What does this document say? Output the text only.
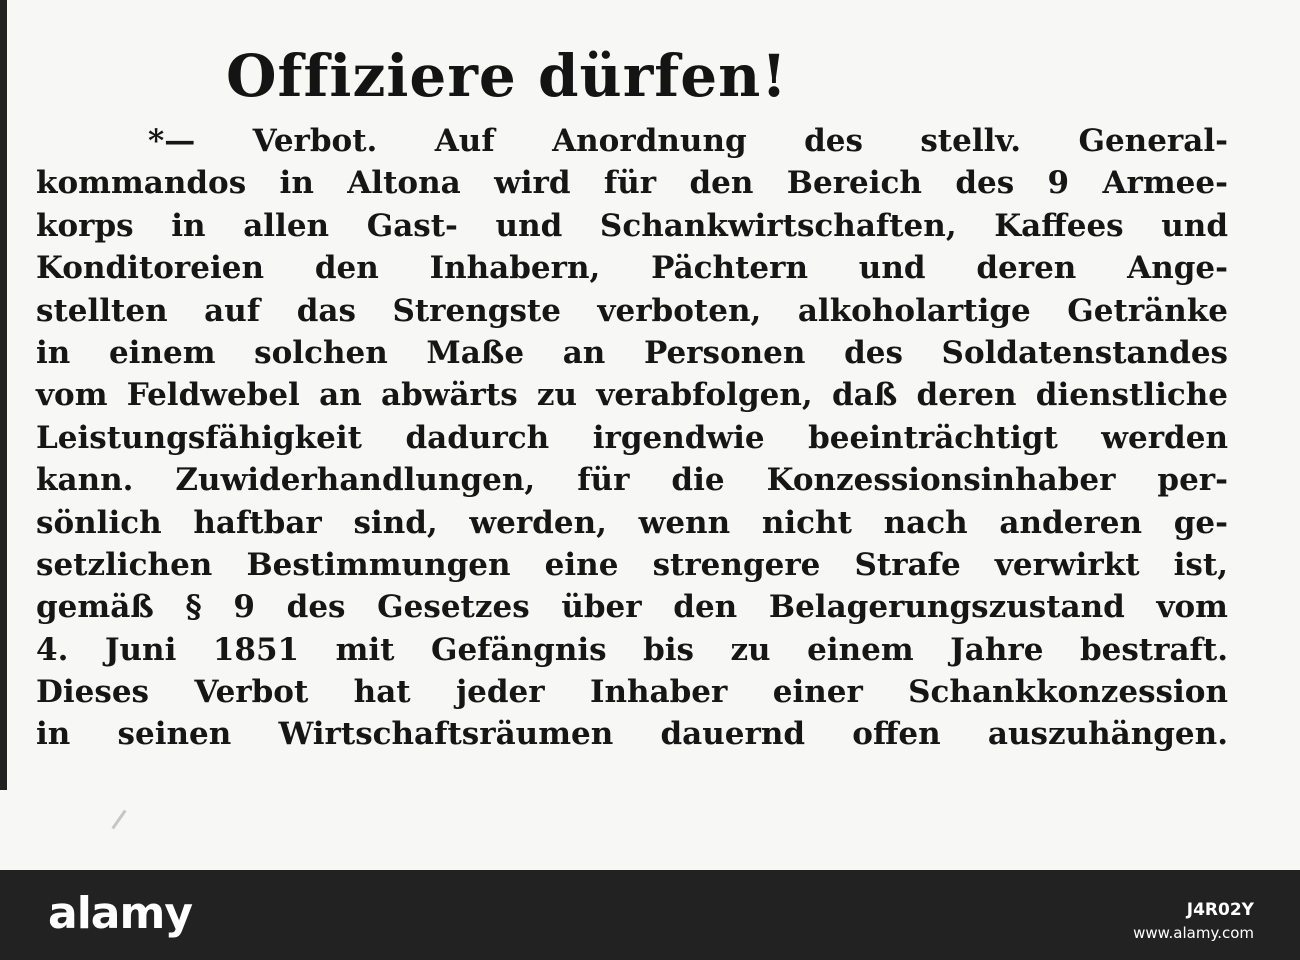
Offiziere dürfen!
*— Verbot. Auf Anordnung des stellv. General-
kommandos in Altona wird für den Bereich des 9 Armee-
korps in allen Gast- und Schankwirtschaften, Kaffees und
Konditoreien den Inhabern, Pächtern und deren Ange-
stellten auf das Strengste verboten, alkoholartige Getränke
in einem solchen Maße an Personen des Soldatenstandes
vom Feldwebel an abwärts zu verabfolgen, daß deren dienstliche
Leistungsfähigkeit dadurch irgendwie beeinträchtigt werden
kann. Zuwiderhandlungen, für die Konzessionsinhaber per-
sönlich haftbar sind, werden, wenn nicht nach anderen ge-
setzlichen Bestimmungen eine strengere Strafe verwirkt ist,
gemäß § 9 des Gesetzes über den Belagerungszustand vom
4. Juni 1851 mit Gefängnis bis zu einem Jahre bestraft.
Dieses Verbot hat jeder Inhaber einer Schankkonzession
in seinen Wirtschaftsräumen dauernd offen auszuhängen.
alamy	J4R02Y
www.alamy.com
